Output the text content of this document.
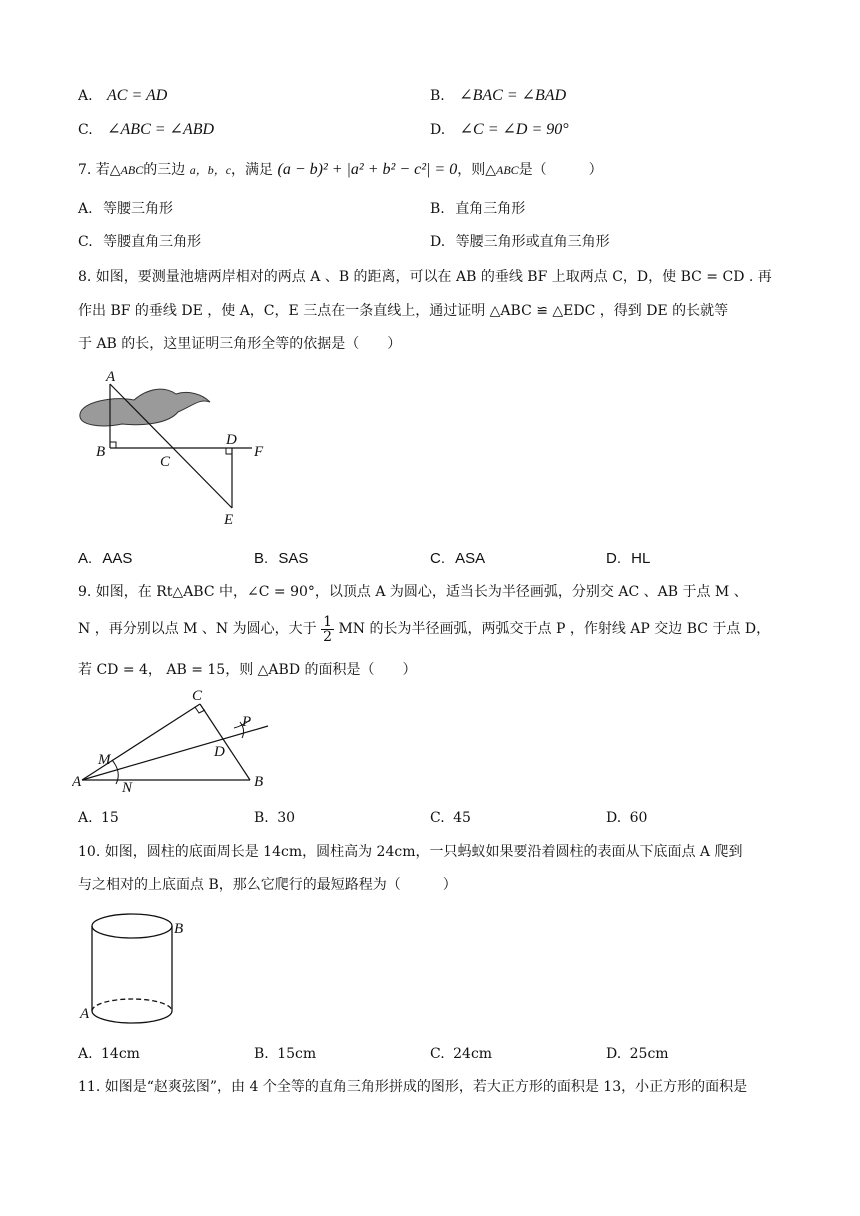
A. AC = AD	B. ∠BAC = ∠BAD
C. ∠ABC = ∠ABD	D. ∠C = ∠D = 90°
7. 若△ABC的三边 a，b，c，满足 (a − b)² + |a² + b² − c²| = 0，则△ABC是（　　　）
A. 等腰三角形	B. 直角三角形
C. 等腰直角三角形	D. 等腰三角形或直角三角形
8. 如图，要测量池塘两岸相对的两点 A 、B 的距离，可以在 AB 的垂线 BF 上取两点 C，D，使 BC = CD . 再
作出 BF 的垂线 DE ，使 A，C，E 三点在一条直线上，通过证明 △ABC ≌ △EDC ，得到 DE 的长就等
于 AB 的长，这里证明三角形全等的依据是（　　）
A
B
C
D
F
E
A. AAS	B. SAS	C. ASA	D. HL
9. 如图，在 Rt△ABC 中，∠C = 90°，以顶点 A 为圆心，适当长为半径画弧，分别交 AC 、AB 于点 M 、
N ，再分别以点 M 、N 为圆心，大于 $\frac{1}{2}$ MN 的长为半径画弧，两弧交于点 P ，作射线 AP 交边 BC 于点 D，
若 CD = 4， AB = 15，则 △ABD 的面积是（　　）
C
P
M	D
A	B
N
A. 15	B. 30	C. 45	D. 60
10. 如图，圆柱的底面周长是 14cm，圆柱高为 24cm，一只蚂蚁如果要沿着圆柱的表面从下底面点 A 爬到
与之相对的上底面点 B，那么它爬行的最短路程为（　　　）
B
A
A. 14cm	B. 15cm	C. 24cm	D. 25cm
11. 如图是“赵爽弦图”，由 4 个全等的直角三角形拼成的图形，若大正方形的面积是 13，小正方形的面积是
